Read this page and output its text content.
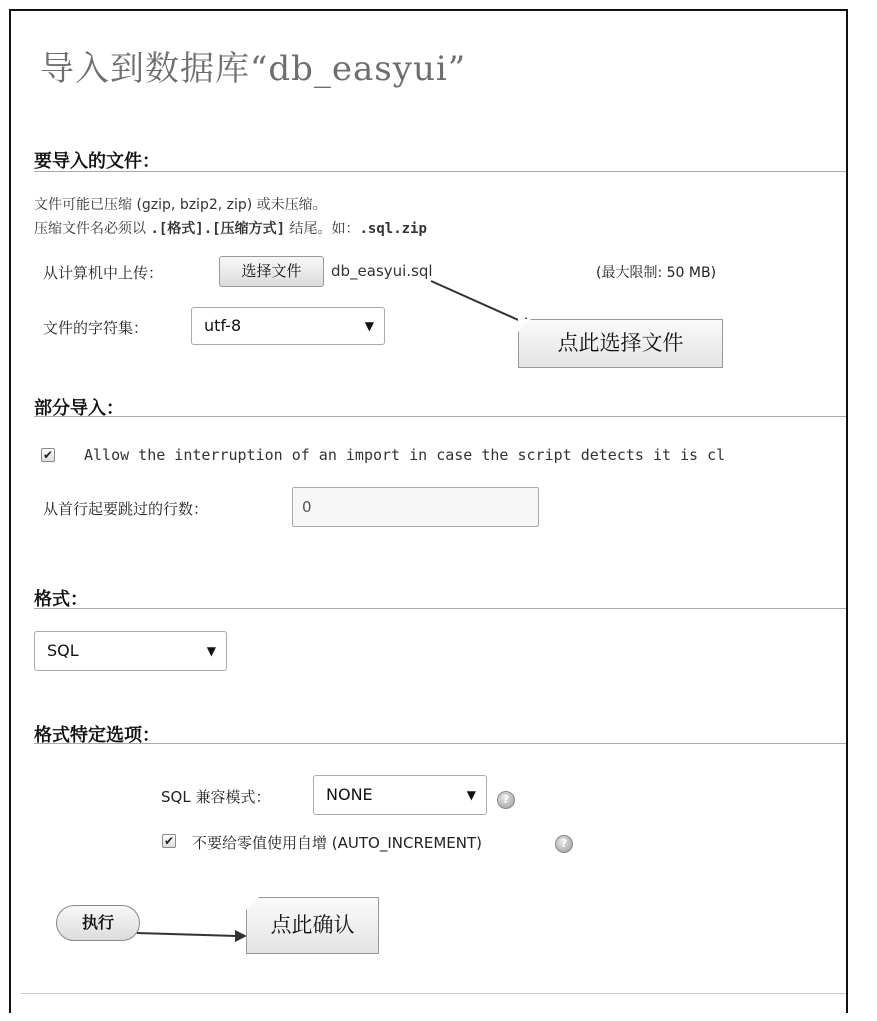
导入到数据库“db_easyui”
要导入的文件：
文件可能已压缩 (gzip, bzip2, zip) 或未压缩。
压缩文件名必须以 .[格式].[压缩方式] 结尾。如：.sql.zip
从计算机中上传：	选择文件	db_easyui.sql	(最大限制: 50 MB)
文件的字符集：	utf-8	▼
点此选择文件
部分导入：
✔ Allow the interruption of an import in case the script detects it is cl
从首行起要跳过的行数：	0
格式：
SQL	▼
格式特定选项：
SQL 兼容模式：	NONE	▼	?
✔ 不要给零值使用自增 (AUTO_INCREMENT)	?
执行	点此确认
